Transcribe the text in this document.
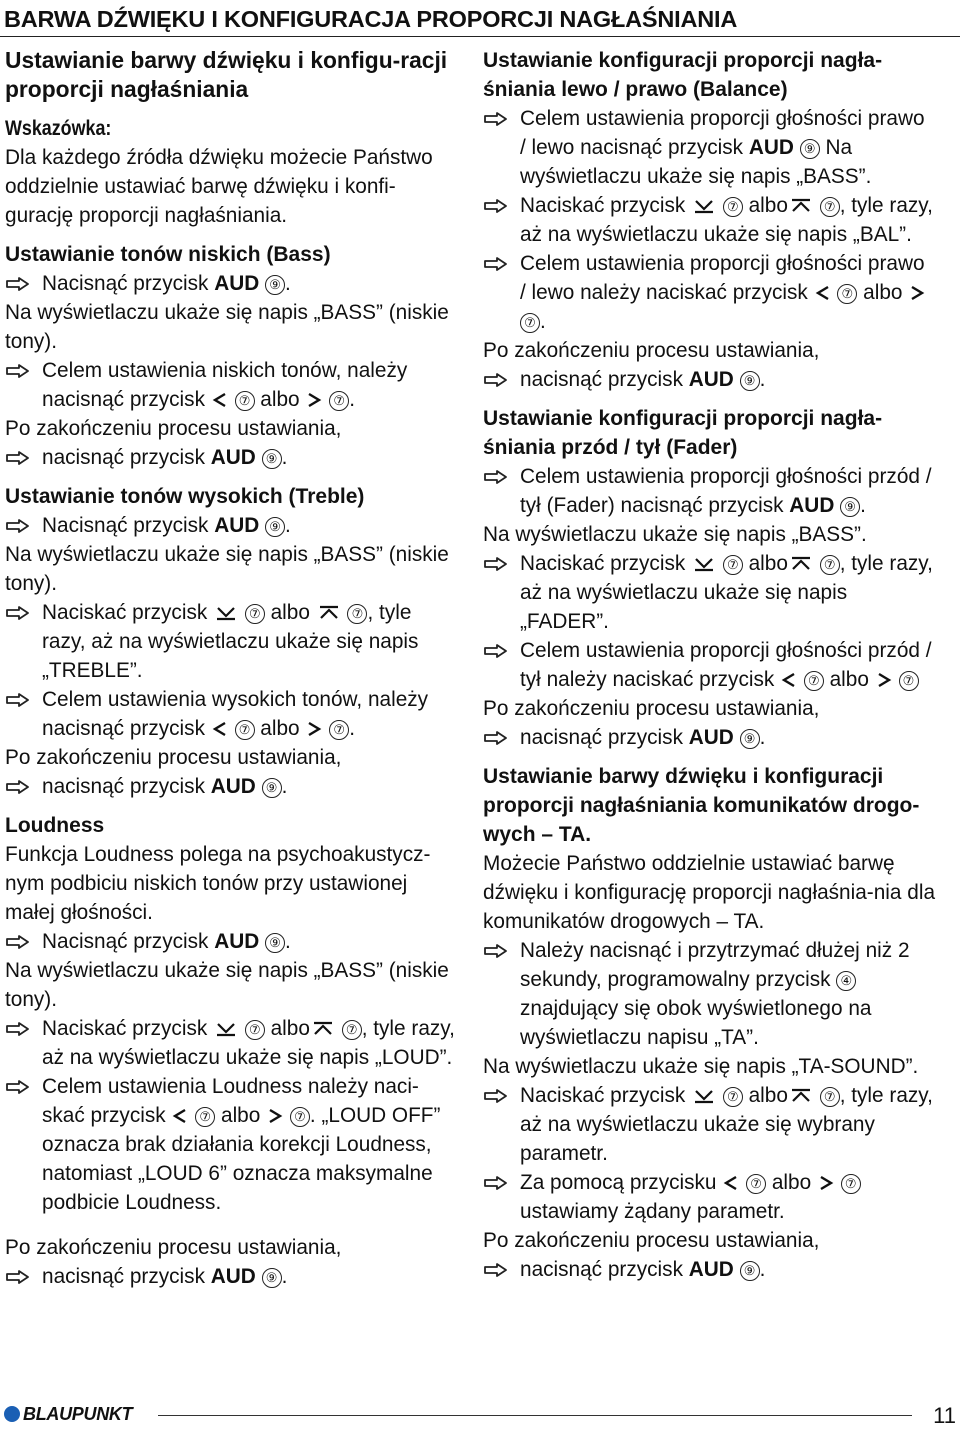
BARWA DŹWIĘKU I KONFIGURACJA PROPORCJI NAGŁAŚNIANIA
Ustawianie barwy dźwięku i konfigu-racji proporcji nagłaśniania
Wskazówka:
Dla każdego źródła dźwięku możecie Państwo oddzielnie ustawiać barwę dźwięku i konfi-gurację proporcji nagłaśniania.
Ustawianie tonów niskich (Bass)
Nacisnąć przycisk AUD ⑨ .
Na wyświetlaczu ukaże się napis „BASS” (niskie tony).
Celem ustawienia niskich tonów, należy nacisnąć przycisk  ⑦ albo  ⑦ .
Po zakończeniu procesu ustawiania,
nacisnąć przycisk AUD ⑨ .
Ustawianie tonów wysokich (Treble)
Nacisnąć przycisk AUD ⑨ .
Na wyświetlaczu ukaże się napis „BASS” (niskie tony).
Naciskać przycisk	⑦ albo	⑦ , tyle razy, aż na wyświetlaczu ukaże się napis „TREBLE”.
Celem ustawienia wysokich tonów, należy nacisnąć przycisk  ⑦ albo  ⑦ .
Po zakończeniu procesu ustawiania,
nacisnąć przycisk AUD ⑨ .
Loudness
Funkcja Loudness polega na psychoakustycz-nym podbiciu niskich tonów przy ustawionej małej głośności.
Nacisnąć przycisk AUD ⑨ .
Na wyświetlaczu ukaże się napis „BASS” (niskie tony).
Naciskać przycisk	⑦ albo	⑦ , tyle razy, aż na wyświetlaczu ukaże się napis „LOUD”.
Celem ustawienia Loudness należy naci-skać przycisk  ⑦ albo  ⑦ . „LOUD OFF” oznacza brak działania korekcji Loudness, natomiast „LOUD 6” oznacza maksymalne podbicie Loudness.
Po zakończeniu procesu ustawiania,
nacisnąć przycisk AUD ⑨ .
Ustawianie konfiguracji proporcji nagła-śniania lewo / prawo (Balance)
Celem ustawienia proporcji głośności prawo / lewo nacisnąć przycisk AUD ⑨ Na wyświetlaczu ukaże się napis „BASS”.
Naciskać przycisk	⑦ albo	⑦ , tyle razy, aż na wyświetlaczu ukaże się napis „BAL”.
Celem ustawienia proporcji głośności prawo / lewo należy naciskać przycisk  ⑦ albo  ⑦ .
Po zakończeniu procesu ustawiania,
nacisnąć przycisk AUD ⑨ .
Ustawianie konfiguracji proporcji nagła-śniania przód / tył (Fader)
Celem ustawienia proporcji głośności przód / tył (Fader) nacisnąć przycisk AUD ⑨ .
Na wyświetlaczu ukaże się napis „BASS”.
Naciskać przycisk	⑦ albo	⑦ , tyle razy, aż na wyświetlaczu ukaże się napis „FADER”.
Celem ustawienia proporcji głośności przód / tył należy naciskać przycisk  ⑦ albo  ⑦
Po zakończeniu procesu ustawiania,
nacisnąć przycisk AUD ⑨ .
Ustawianie barwy dźwięku i konfiguracji proporcji nagłaśniania komunikatów drogo-wych – TA.
Możecie Państwo oddzielnie ustawiać barwę dźwięku i konfigurację proporcji nagłaśnia-nia dla komunikatów drogowych – TA.
Należy nacisnąć i przytrzymać dłużej niż 2 sekundy, programowalny przycisk ④ znajdujący się obok wyświetlonego na wyświetlaczu napisu „TA”.
Na wyświetlaczu ukaże się napis „TA-SOUND”.
Naciskać przycisk	⑦ albo	⑦ , tyle razy, aż na wyświetlaczu ukaże się wybrany parametr.
Za pomocą przycisku  ⑦ albo  ⑦ ustawiamy żądany parametr.
Po zakończeniu procesu ustawiania,
nacisnąć przycisk AUD ⑨ .
BLAUPUNKT	11
